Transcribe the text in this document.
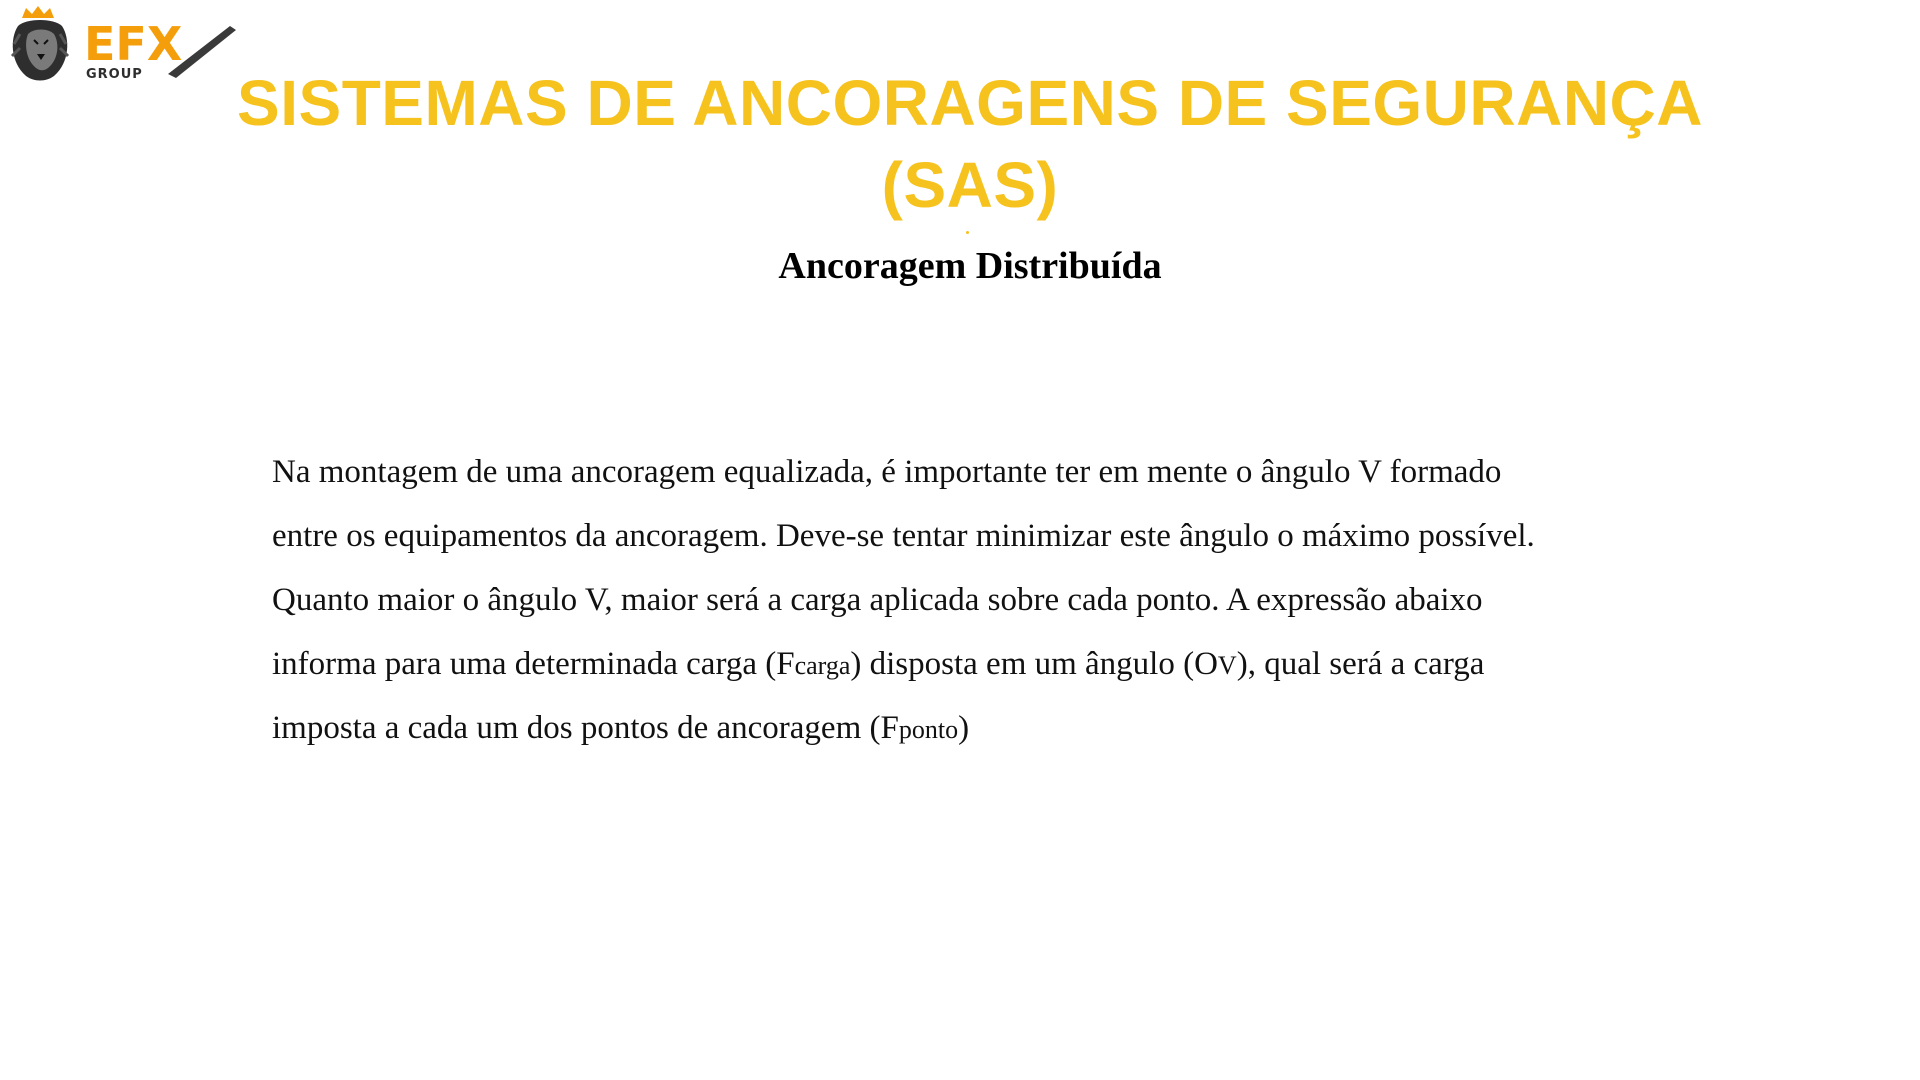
EFX
GROUP	SISTEMAS DE ANCORAGENS DE SEGURANÇA
(SAS)
Ancoragem Distribuída
Na montagem de uma ancoragem equalizada, é importante ter em mente o ângulo V formado
entre os equipamentos da ancoragem. Deve-se tentar minimizar este ângulo o máximo possível.
Quanto maior o ângulo V, maior será a carga aplicada sobre cada ponto. A expressão abaixo
informa para uma determinada carga (Fcarga) disposta em um ângulo (OV), qual será a carga
imposta a cada um dos pontos de ancoragem (Fponto)
